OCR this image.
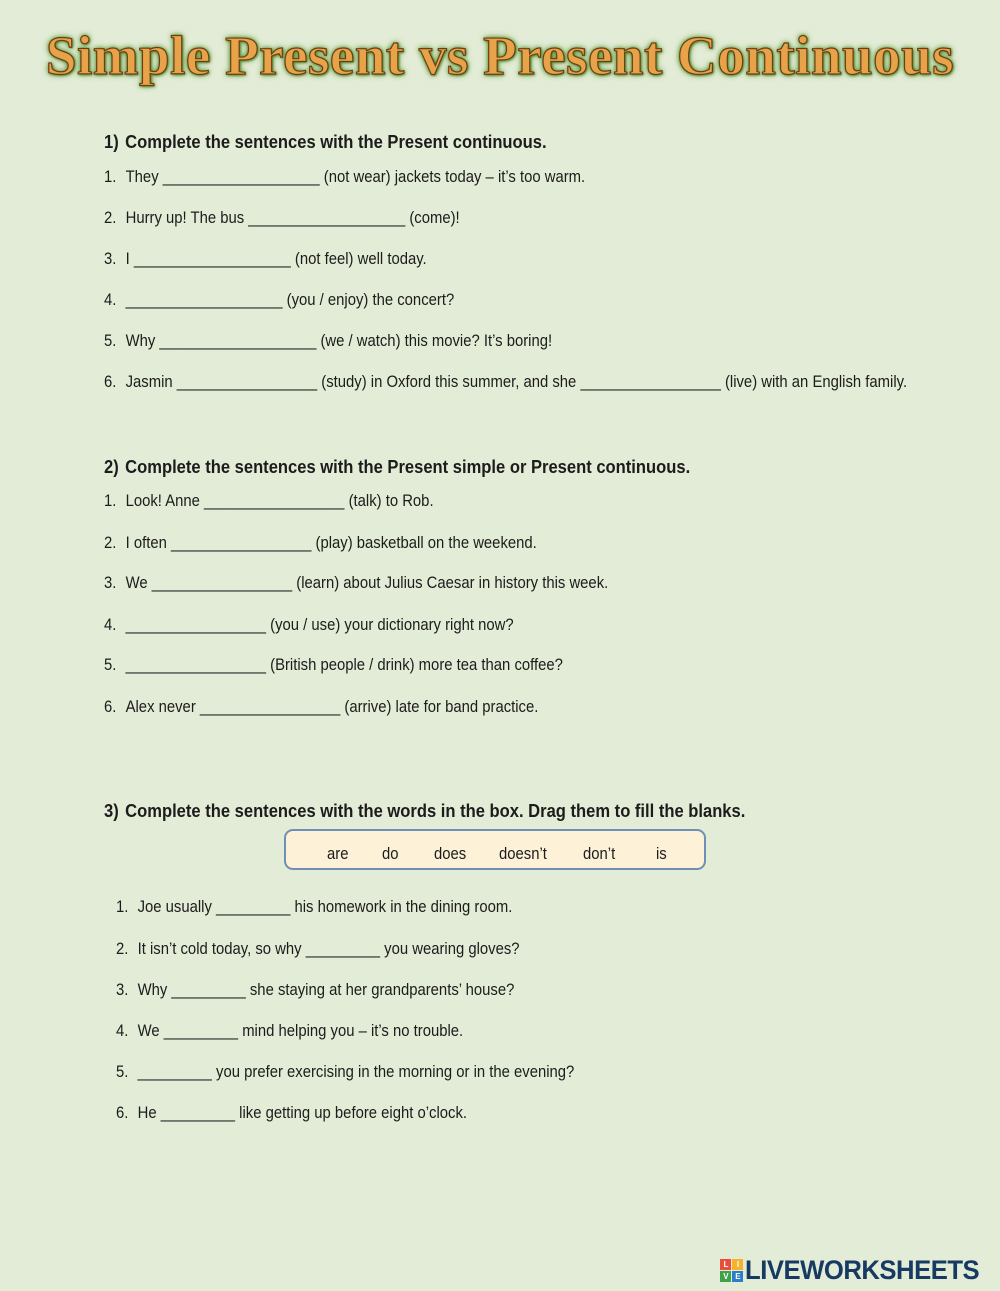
Simple Present vs Present Continuous
1) Complete the sentences with the Present continuous.
1. They ___________________ (not wear) jackets today – it’s too warm.
2. Hurry up! The bus ___________________ (come)!
3. I ___________________ (not feel) well today.
4. ___________________ (you / enjoy) the concert?
5. Why ___________________ (we / watch) this movie? It’s boring!
6. Jasmin _________________ (study) in Oxford this summer, and she _________________ (live) with an English family.
2) Complete the sentences with the Present simple or Present continuous.
1. Look! Anne _________________ (talk) to Rob.
2. I often _________________ (play) basketball on the weekend.
3. We _________________ (learn) about Julius Caesar in history this week.
4. _________________ (you / use) your dictionary right now?
5. _________________ (British people / drink) more tea than coffee?
6. Alex never _________________ (arrive) late for band practice.
3) Complete the sentences with the words in the box. Drag them to fill the blanks.
are do does doesn’t don’t is
1. Joe usually _________ his homework in the dining room.
2. It isn’t cold today, so why _________ you wearing gloves?
3. Why _________ she staying at her grandparents’ house?
4. We _________ mind helping you – it’s no trouble.
5. _________ you prefer exercising in the morning or in the evening?
6. He _________ like getting up before eight o’clock.
L	I
V E LIVEWORKSHEETS
